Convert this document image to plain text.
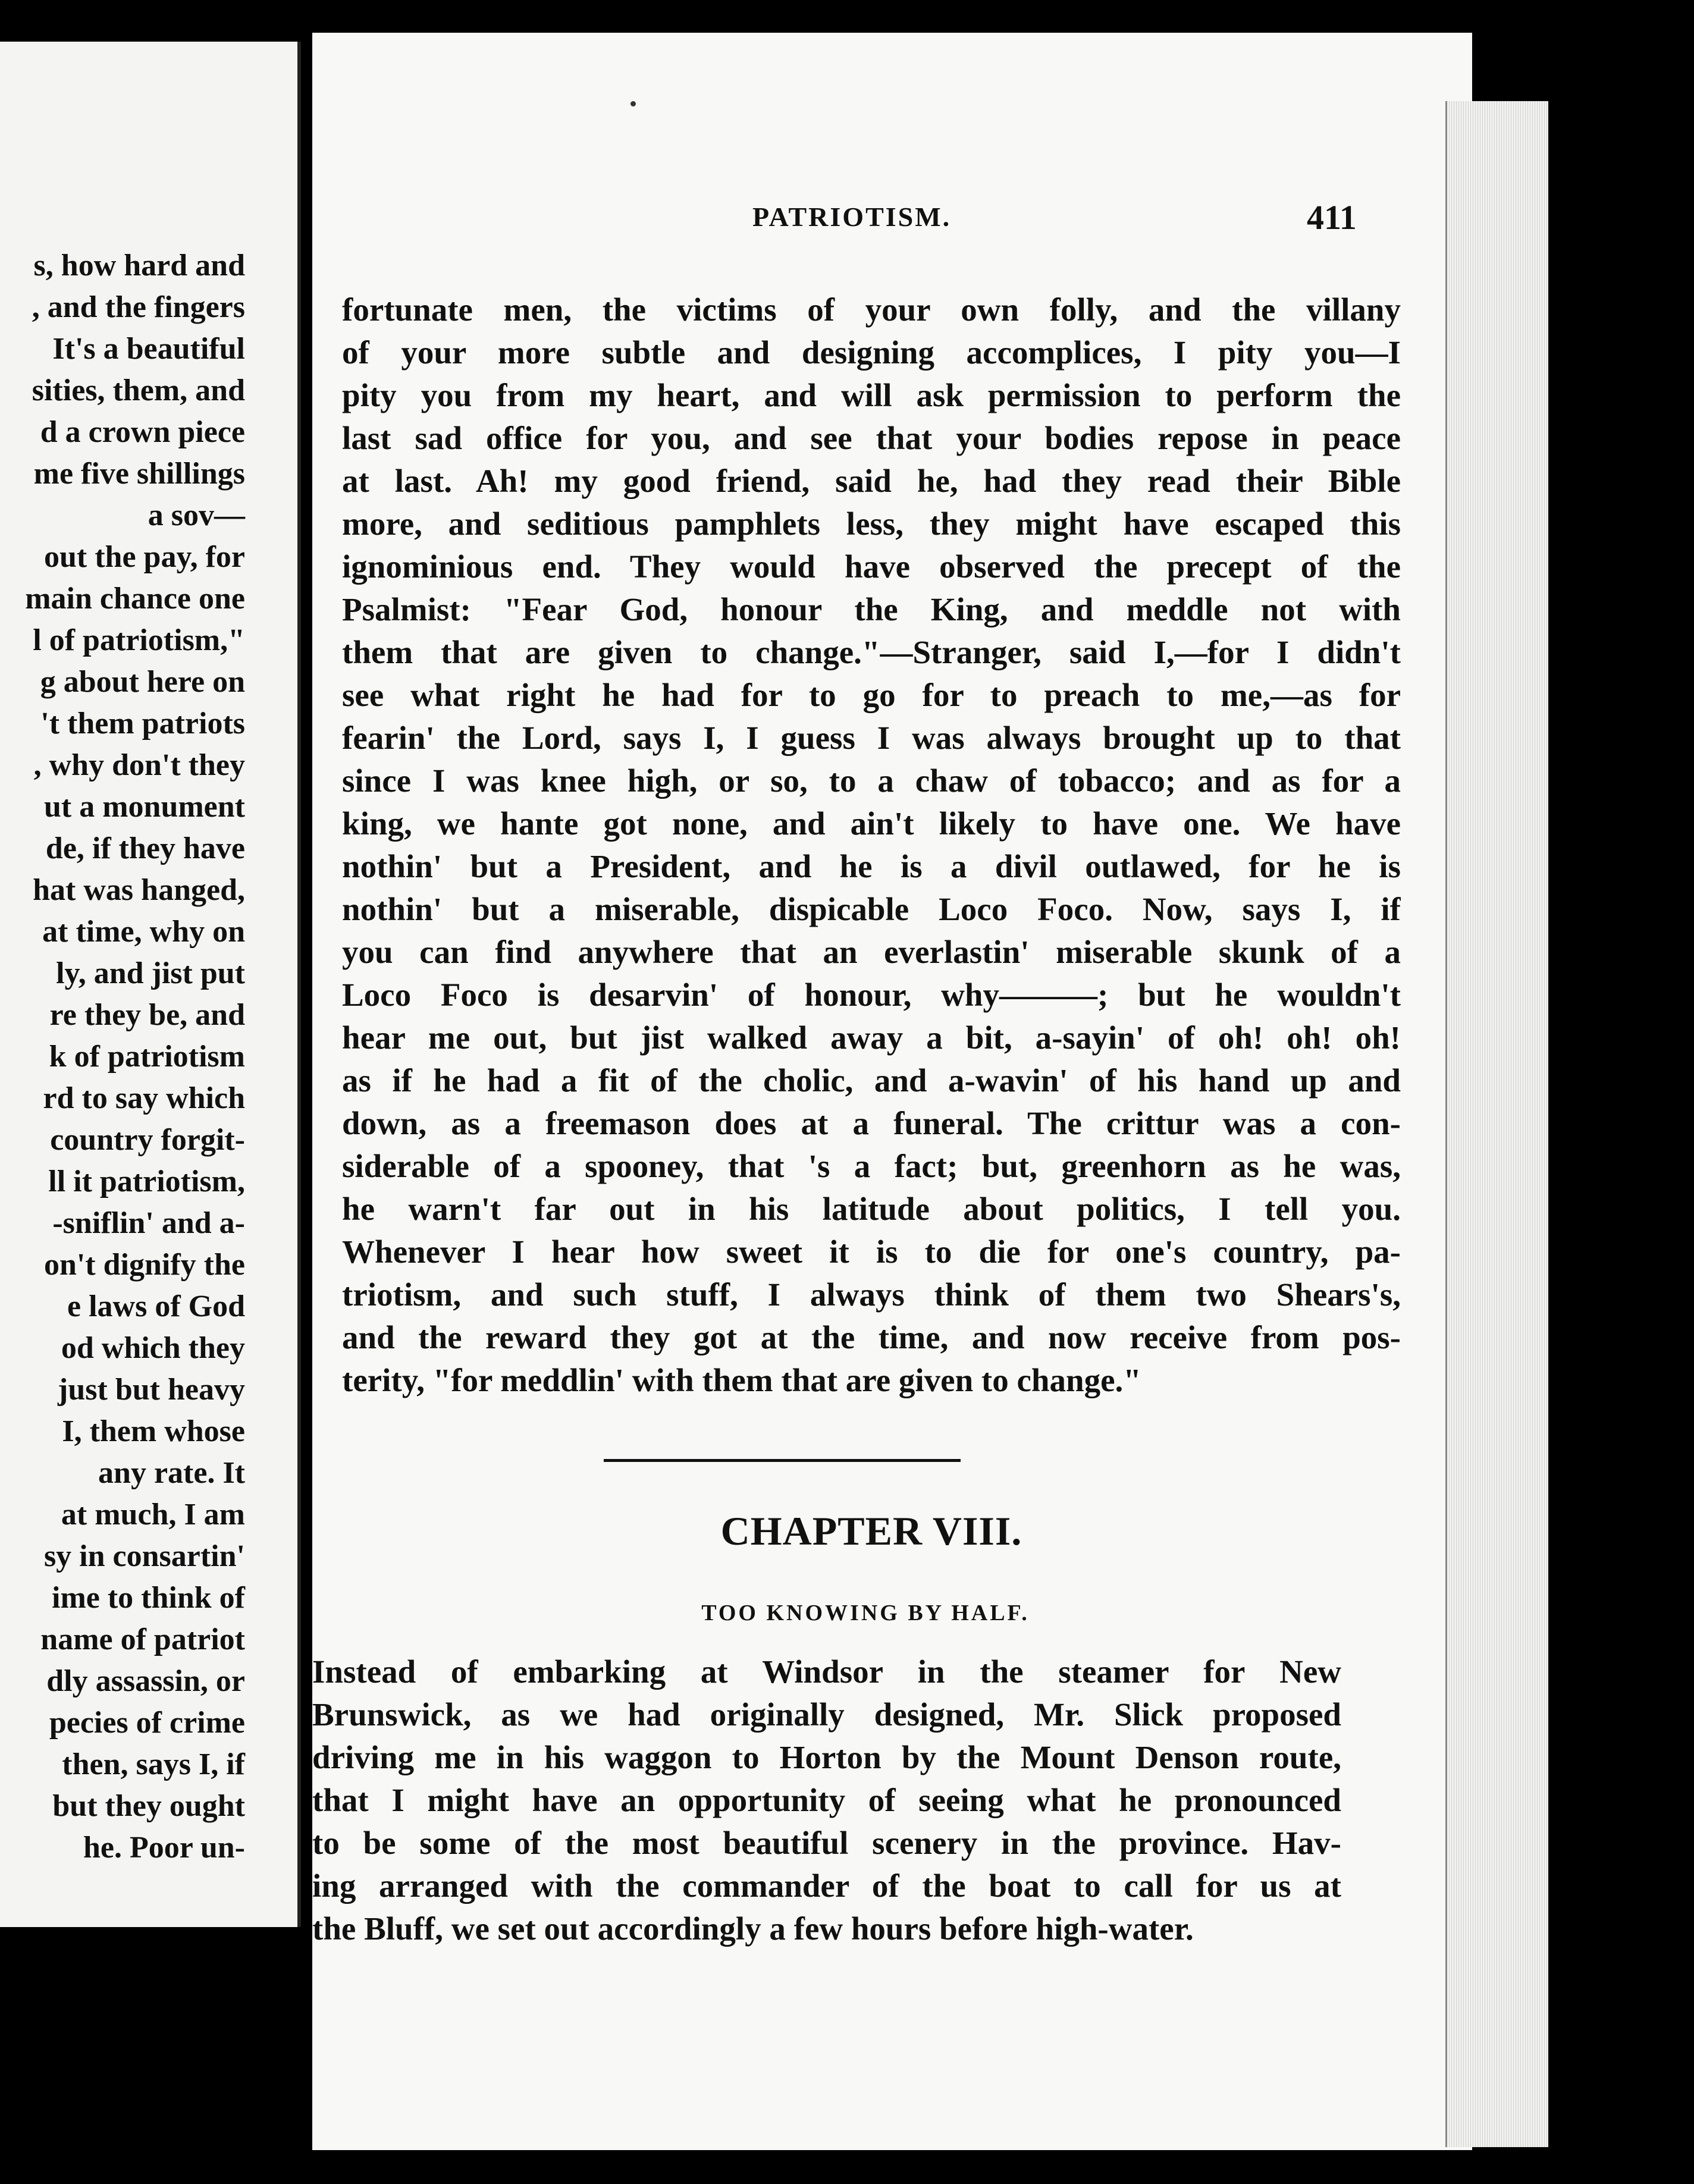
s, how hard and
, and the fingers
It's a beautiful
sities, them, and
d a crown piece
me five shillings
a sov—
out the pay, for
main chance one
l of patriotism,"
g about here on
't them patriots
, why don't they
ut a monument
de, if they have
hat was hanged,
at time, why on
ly, and jist put
re they be, and
k of patriotism
rd to say which
country forgit-
ll it patriotism,
-sniflin' and a-
on't dignify the
e laws of God
od which they
just but heavy
I, them whose
any rate. It
at much, I am
sy in consartin'
ime to think of
name of patriot
dly assassin, or
pecies of crime
then, says I, if
but they ought
he. Poor un-
PATRIOTISM.	411
fortunate men, the victims of your own folly, and the villany
of your more subtle and designing accomplices, I pity you—I
pity you from my heart, and will ask permission to perform the
last sad office for you, and see that your bodies repose in peace
at last. Ah! my good friend, said he, had they read their Bible
more, and seditious pamphlets less, they might have escaped this
ignominious end. They would have observed the precept of the
Psalmist: "Fear God, honour the King, and meddle not with
them that are given to change."—Stranger, said I,—for I didn't
see what right he had for to go for to preach to me,—as for
fearin' the Lord, says I, I guess I was always brought up to that
since I was knee high, or so, to a chaw of tobacco; and as for a
king, we hante got none, and ain't likely to have one. We have
nothin' but a President, and he is a divil outlawed, for he is
nothin' but a miserable, dispicable Loco Foco. Now, says I, if
you can find anywhere that an everlastin' miserable skunk of a
Loco Foco is desarvin' of honour, why———; but he wouldn't
hear me out, but jist walked away a bit, a-sayin' of oh! oh! oh!
as if he had a fit of the cholic, and a-wavin' of his hand up and
down, as a freemason does at a funeral. The crittur was a con-
siderable of a spooney, that 's a fact; but, greenhorn as he was,
he warn't far out in his latitude about politics, I tell you.
Whenever I hear how sweet it is to die for one's country, pa-
triotism, and such stuff, I always think of them two Shears's,
and the reward they got at the time, and now receive from pos-
terity, "for meddlin' with them that are given to change."
CHAPTER VIII.
TOO KNOWING BY HALF.
Instead of embarking at Windsor in the steamer for New
Brunswick, as we had originally designed, Mr. Slick proposed
driving me in his waggon to Horton by the Mount Denson route,
that I might have an opportunity of seeing what he pronounced
to be some of the most beautiful scenery in the province. Hav-
ing arranged with the commander of the boat to call for us at
the Bluff, we set out accordingly a few hours before high-water.
